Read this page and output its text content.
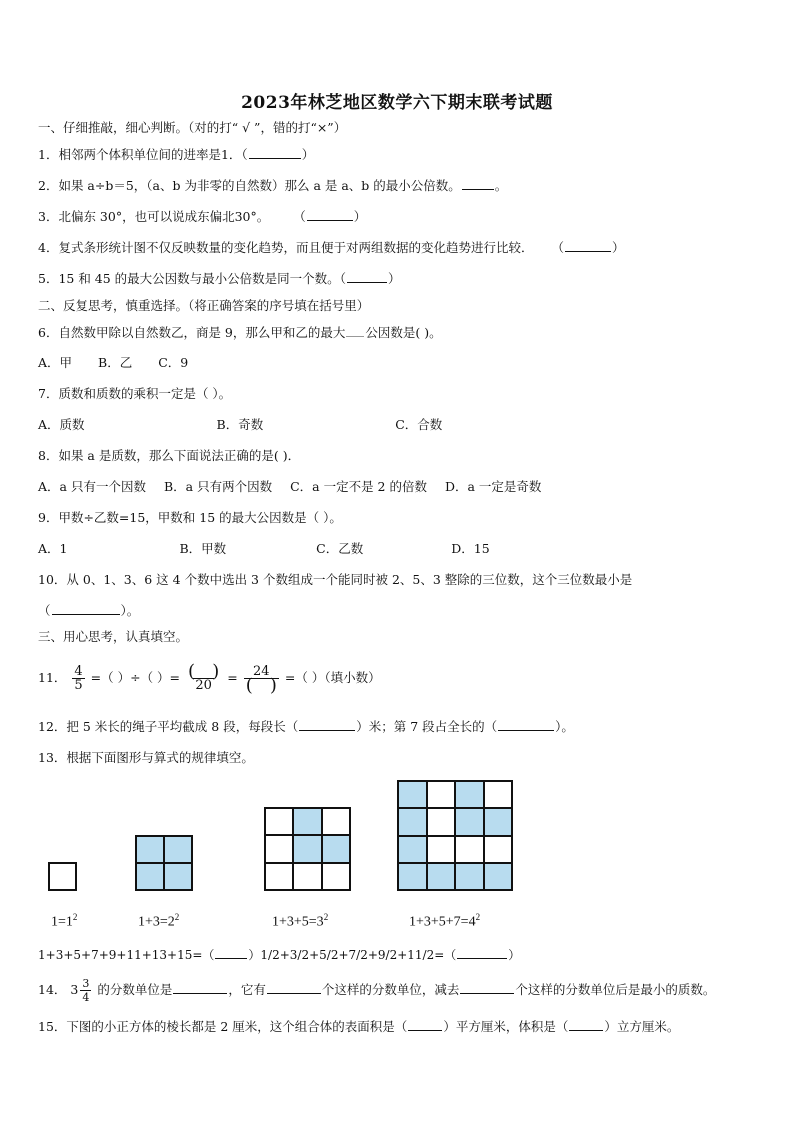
2023年林芝地区数学六下期末联考试题
一、仔细推敲，细心判断。（对的打“ √ ”，错的打“×”）
1．相邻两个体积单位间的进率是1．（	）
2．如果 a÷b＝5，（a、b 为非零的自然数）那么 a 是 a、b 的最小公倍数。	。
3．北偏东 30°，也可以说成东偏北30°。 （	）
4．复式条形统计图不仅反映数量的变化趋势，而且便于对两组数据的变化趋势进行比较． （	）
5．15 和 45 的最大公因数与最小公倍数是同一个数。（	）
二、反复思考，慎重选择。（将正确答案的序号填在括号里）
6．自然数甲除以自然数乙，商是 9，那么甲和乙的最大 公因数是( )。
A．甲 B．乙 C．9
7．质数和质数的乘积一定是（ ）。
A．质数	B．奇数	C．合数
8．如果 a 是质数，那么下面说法正确的是( )．
A．a 只有一个因数 B．a 只有两个因数 C．a 一定不是 2 的倍数 D．a 一定是奇数
9．甲数÷乙数=15，甲数和 15 的最大公因数是（ ）。
A．1	B．甲数	C．乙数	D．15
10．从 0、1、3、6 这 4 个数中选出 3 个数组成一个能同时被 2、5、3 整除的三位数，这个三位数最小是
（	）。
三、用心思考，认真填空。
11． $\frac{4}{5}$ =（ ）÷（ ）= $\frac{( )}{20} = \frac{24}{( )}$ =（ ）（填小数）
12．把 5 米长的绳子平均截成 8 段，每段长（	）米；第 7 段占全长的（	）。
13．根据下面图形与算式的规律填空。
$1=1^2$	$1+3=2^2$	$1+3+5=3^2$	$1+3+5+7=4^2$
1+3+5+7+9+11+13+15=（	）1/2+3/2+5/2+7/2+9/2+11/2=（	）
14． $3 \frac{3}{4}$ 的分数单位是	，它有	个这样的分数单位，减去	个这样的分数单位后是最小的质数。
15．下图的小正方体的棱长都是 2 厘米，这个组合体的表面积是（	）平方厘米，体积是（	）立方厘米。
